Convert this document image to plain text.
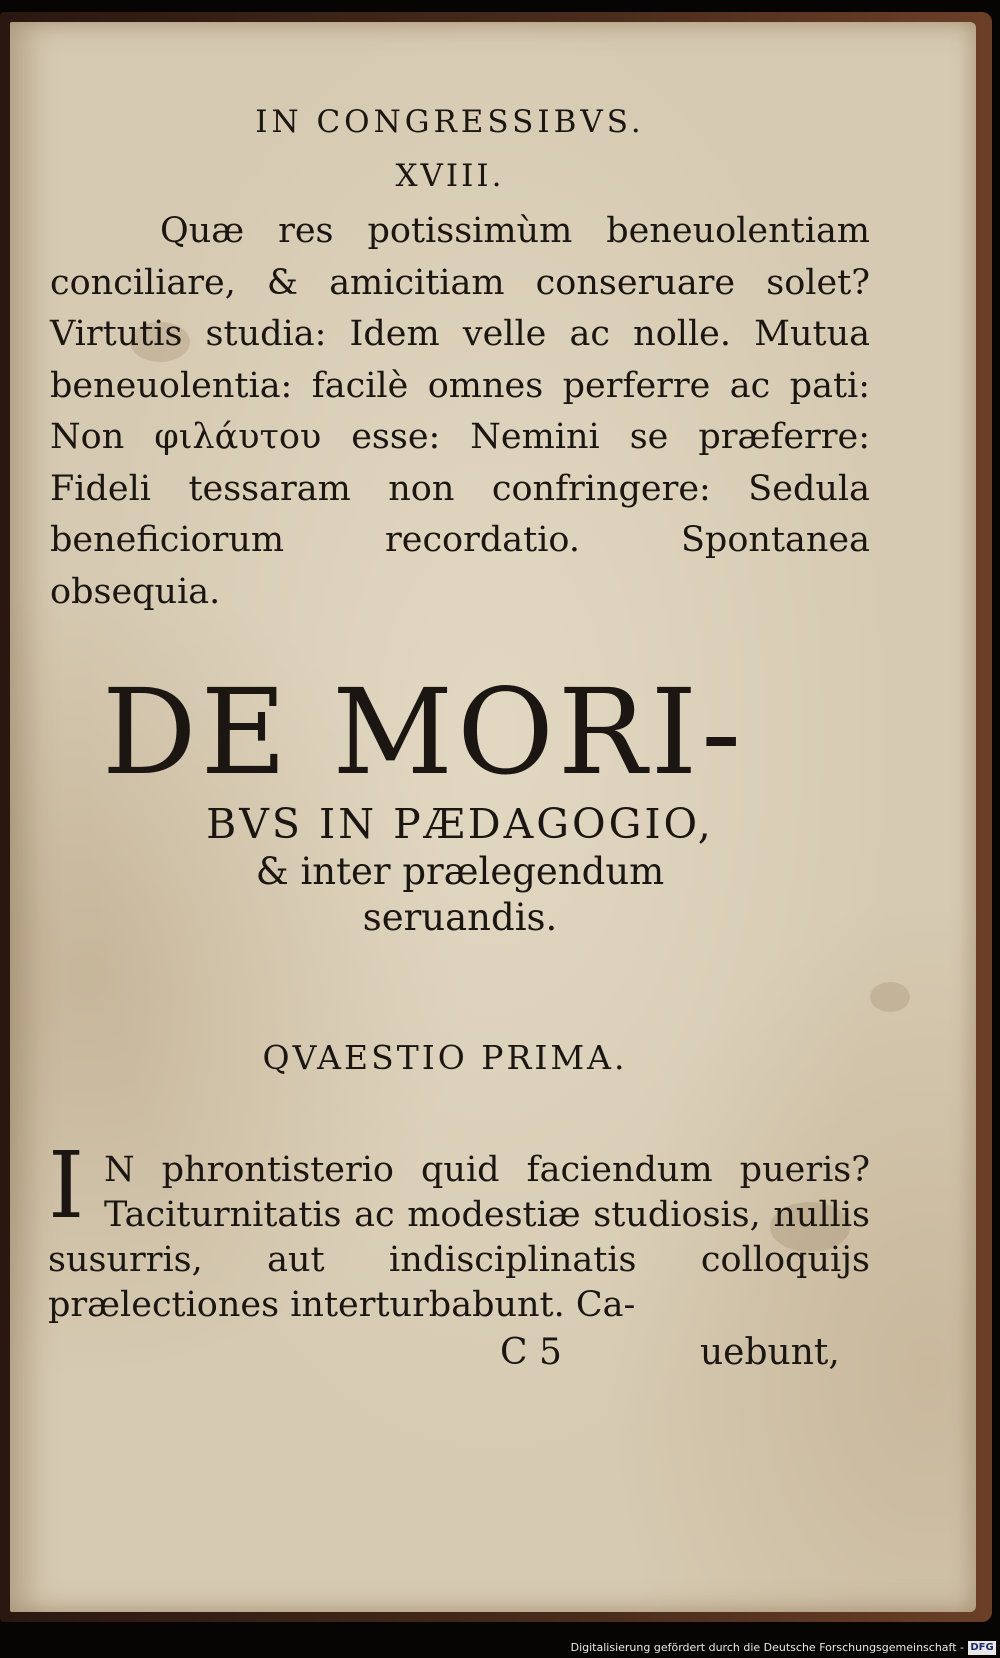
IN CONGRESSIBVS.
XVIII.

Quæ res potissimùm beneuolentiam conciliare, & amicitiam conseruare solet? Virtutis studia: Idem velle ac nolle. Mutua beneuolentia: facilè omnes perferre ac pati: Non φιλάυτου esse: Nemini se præferre: Fideli tessaram non confringere: Sedula beneficiorum recordatio. Spontanea obsequia.

DE MORI-
BVS IN PÆDAGOGIO,
& inter prælegendum
seruandis.
QVAESTIO PRIMA.
I N phrontisterio quid faciendum pueris? Taciturnitatis ac modestiæ studiosis, nullis susurris, aut indisciplinatis colloquijs prælectiones interturbabunt. Ca-

C 5	uebunt,
Digitalisierung gefördert durch die Deutsche Forschungsgemeinschaft - DFG
